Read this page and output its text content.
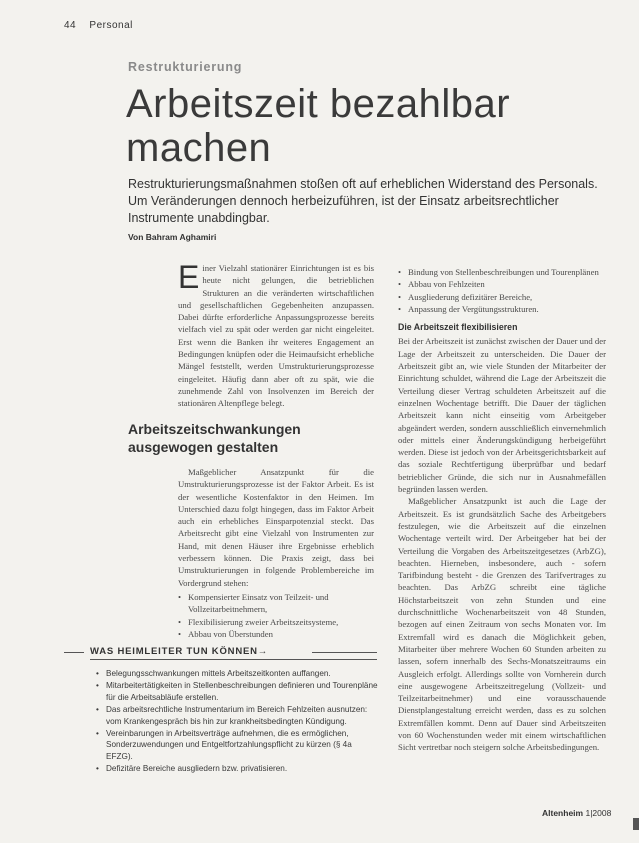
44 Personal
Restrukturierung
Arbeitszeit bezahlbar machen
Restrukturierungsmaßnahmen stoßen oft auf erheblichen Widerstand des Personals. Um Veränderungen dennoch herbeizuführen, ist der Einsatz arbeitsrechtlicher Instrumente unabdingbar.
Von Bahram Aghamiri
E iner Vielzahl stationärer Einrichtungen ist es bis heute nicht gelungen, die betrieblichen Strukturen an die veränderten wirtschaftlichen und gesellschaftlichen Gegebenheiten anzupassen. Dabei dürfte erforderliche Anpassungsprozesse bereits vielfach viel zu spät oder werden gar nicht eingeleitet. Erst wenn die Banken ihr weiteres Engagement an Bedingungen knüpfen oder die Heimaufsicht erhebliche Mängel feststellt, werden Umstrukturierungsprozesse eingeleitet. Häufig dann aber oft zu spät, wie die zunehmende Zahl von Insolvenzen im Bereich der stationären Altenpflege belegt.

Arbeitszeitschwankungen ausgewogen gestalten

Maßgeblicher Ansatzpunkt für die Umstrukturierungsprozesse ist der Faktor Arbeit. Es ist der wesentliche Kostenfaktor in den Heimen. Im Unterschied dazu folgt hingegen, dass im Faktor Arbeit auch ein erhebliches Einsparpotenzial steckt. Das Arbeitsrecht gibt eine Vielzahl von Instrumenten zur Hand, mit denen Häuser ihre Ergebnisse erheblich verbessern können. Die Praxis zeigt, dass bei Umstrukturierungen in folgende Problembereiche im Vordergrund stehen:

• Kompensierter Einsatz von Teilzeit- und Vollzeitarbeitnehmern,
• Flexibilisierung zweier Arbeitszeitsysteme,
• Abbau von Überstunden
WAS HEIMLEITER TUN KÖNNEN→
• Belegungsschwankungen mittels Arbeitszeitkonten auffangen.
• Mitarbeitertätigkeiten in Stellenbeschreibungen definieren und Tourenpläne für die Arbeitsabläufe erstellen.
• Das arbeitsrechtliche Instrumentarium im Bereich Fehlzeiten ausnutzen: vom Krankengespräch bis hin zur krankheitsbedingten Kündigung.
• Vereinbarungen in Arbeitsverträge aufnehmen, die es ermöglichen, Sonderzuwendungen und Entgeltfortzahlungspflicht zu kürzen (§ 4a EFZG).
• Defizitäre Bereiche ausgliedern bzw. privatisieren.
• Bindung von Stellenbeschreibungen und Tourenplänen
• Abbau von Fehlzeiten
• Ausgliederung defizitärer Bereiche,
• Anpassung der Vergütungsstrukturen.
Die Arbeitszeit flexibilisieren

Bei der Arbeitszeit ist zunächst zwischen der Dauer und der Lage der Arbeitszeit zu unterscheiden. Die Dauer der Arbeitszeit gibt an, wie viele Stunden der Mitarbeiter der Einrichtung schuldet, während die Lage der Arbeitszeit die Verteilung dieser Vertrag schuldeten Arbeitszeit auf die einzelnen Wochentage betrifft. Die Dauer der täglichen Arbeitszeit kann nicht einseitig vom Arbeitgeber abgeändert werden, sondern ausschließlich einvernehmlich oder mittels einer Änderungskündigung herbeigeführt werden. Diese ist jedoch von der Arbeitsgerichtsbarkeit auf das soziale Rechtfertigung überprüfbar und bedarf betrieblicher Gründe, die sich nur in Ausnahmefällen begründen lassen werden.

Maßgeblicher Ansatzpunkt ist auch die Lage der Arbeitszeit. Es ist grundsätzlich Sache des Arbeitgebers festzulegen, wie die Arbeitszeit auf die einzelnen Wochentage verteilt wird. Der Arbeitgeber hat bei der Verteilung die Vorgaben des Arbeitszeitgesetzes (ArbZG), beachten. Hierneben, insbesondere, auch - sofern Tarifbindung besteht - die Grenzen des Tarifvertrages zu beachten. Das ArbZG schreibt eine tägliche Höchstarbeitszeit von zehn Stunden und eine durchschnittliche Wochenarbeitszeit von 48 Stunden, bezogen auf einen Zeitraum von sechs Monaten vor. Im Extremfall wird es danach die Möglichkeit geben, Mitarbeiter über mehrere Wochen 60 Stunden arbeiten zu lassen, sofern innerhalb des Sechs-Monatszeitraums ein Ausgleich erfolgt. Allerdings sollte von Vornherein durch eine ausgewogene Arbeitszeitregelung (Vollzeit- und Teilzeitarbeitnehmer) und eine vorausschauende Dienstplangestaltung erreicht werden, dass es zu solchen Extremfällen kommt. Denn auf Dauer sind Arbeitszeiten von 60 Wochenstunden weder mit einem wirtschaftlichen Sicht vertretbar noch steigern solche Arbeitsbedingungen.

Altenheim 1|2008
